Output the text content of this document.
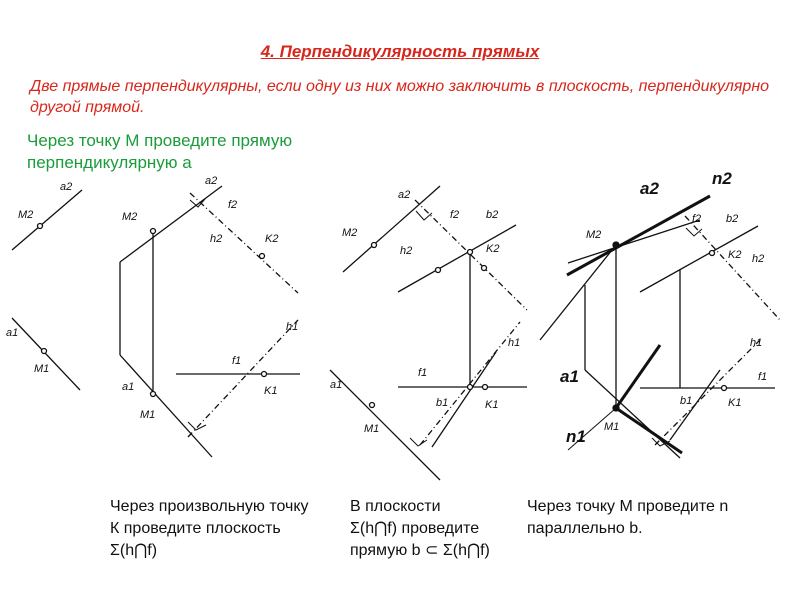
4. Перпендикулярность прямых
Две прямые перпендикулярны, если одну из них можно заключить в плоскость, перпендикулярно другой прямой.
Через точку М проведите прямую перпендикулярную a
a2
M2
a1
M1
a2
M2
f2
h2	K2
h1
f1
K1
a1
M1
a2
M2
f2 b2
h2	K2
h1
f1
b1	K1
a1
M1
f2 b2
M2
K2 h2
h1
f1
b1	K1
M1
a2
n2
a1
n1
Через произвольную точку К проведите плоскость Σ(h⋂f)
В плоскости Σ(h⋂f) проведите прямую b ⊂ Σ(h⋂f)
Через точку М проведите n параллельно b.
